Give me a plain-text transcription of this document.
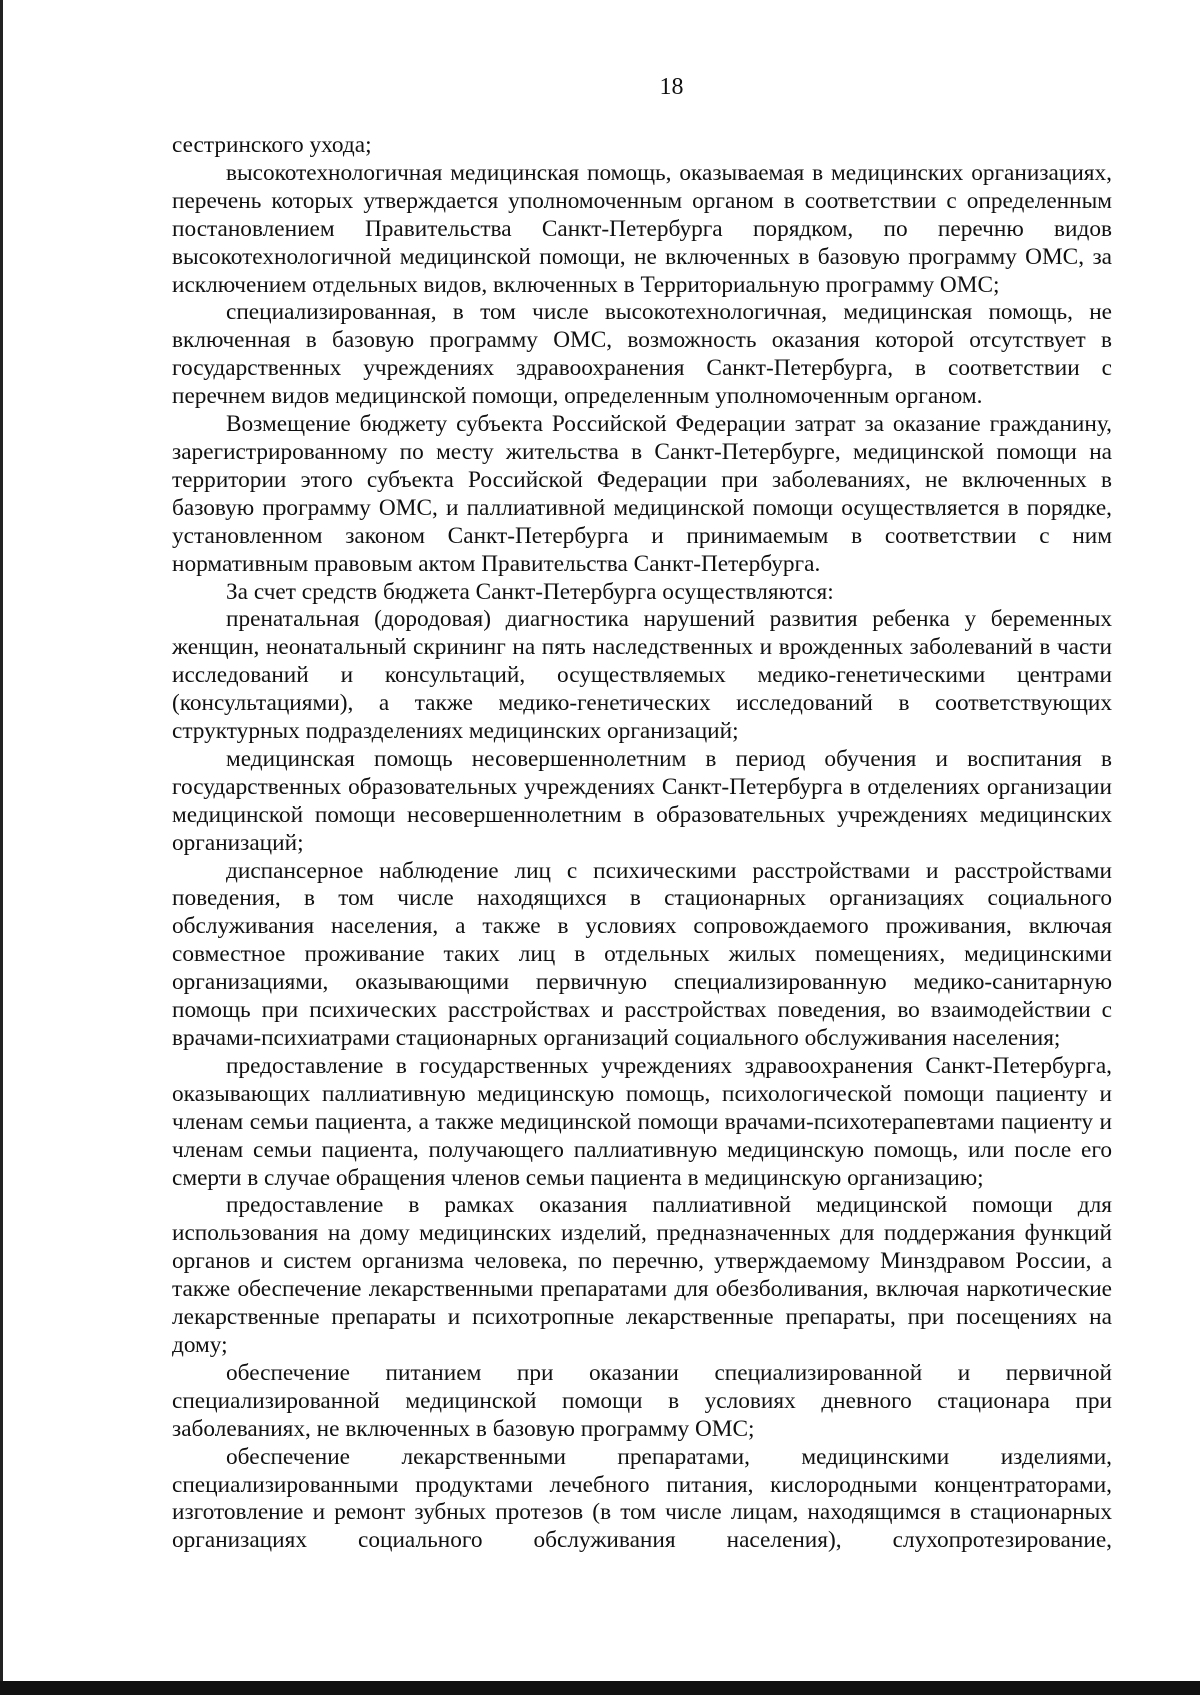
18

сестринского ухода;

высокотехнологичная медицинская помощь, оказываемая в медицинских организациях, перечень которых утверждается уполномоченным органом в соответствии с определенным постановлением Правительства Санкт-Петербурга порядком, по перечню видов высокотехнологичной медицинской помощи, не включенных в базовую программу ОМС, за исключением отдельных видов, включенных в Территориальную программу ОМС;

специализированная, в том числе высокотехнологичная, медицинская помощь, не включенная в базовую программу ОМС, возможность оказания которой отсутствует в государственных учреждениях здравоохранения Санкт-Петербурга, в соответствии с перечнем видов медицинской помощи, определенным уполномоченным органом.

Возмещение бюджету субъекта Российской Федерации затрат за оказание гражданину, зарегистрированному по месту жительства в Санкт-Петербурге, медицинской помощи на территории этого субъекта Российской Федерации при заболеваниях, не включенных в базовую программу ОМС, и паллиативной медицинской помощи осуществляется в порядке, установленном законом Санкт-Петербурга и принимаемым в соответствии с ним нормативным правовым актом Правительства Санкт-Петербурга.

За счет средств бюджета Санкт-Петербурга осуществляются:

пренатальная (дородовая) диагностика нарушений развития ребенка у беременных женщин, неонатальный скрининг на пять наследственных и врожденных заболеваний в части исследований и консультаций, осуществляемых медико-генетическими центрами (консультациями), а также медико-генетических исследований в соответствующих структурных подразделениях медицинских организаций;

медицинская помощь несовершеннолетним в период обучения и воспитания в государственных образовательных учреждениях Санкт-Петербурга в отделениях организации медицинской помощи несовершеннолетним в образовательных учреждениях медицинских организаций;

диспансерное наблюдение лиц с психическими расстройствами и расстройствами поведения, в том числе находящихся в стационарных организациях социального обслуживания населения, а также в условиях сопровождаемого проживания, включая совместное проживание таких лиц в отдельных жилых помещениях, медицинскими организациями, оказывающими первичную специализированную медико-санитарную помощь при психических расстройствах и расстройствах поведения, во взаимодействии с врачами-психиатрами стационарных организаций социального обслуживания населения;

предоставление в государственных учреждениях здравоохранения Санкт-Петербурга, оказывающих паллиативную медицинскую помощь, психологической помощи пациенту и членам семьи пациента, а также медицинской помощи врачами-психотерапевтами пациенту и членам семьи пациента, получающего паллиативную медицинскую помощь, или после его смерти в случае обращения членов семьи пациента в медицинскую организацию;

предоставление в рамках оказания паллиативной медицинской помощи для использования на дому медицинских изделий, предназначенных для поддержания функций органов и систем организма человека, по перечню, утверждаемому Минздравом России, а также обеспечение лекарственными препаратами для обезболивания, включая наркотические лекарственные препараты и психотропные лекарственные препараты, при посещениях на дому;

обеспечение питанием при оказании специализированной и первичной специализированной медицинской помощи в условиях дневного стационара при заболеваниях, не включенных в базовую программу ОМС;

обеспечение лекарственными препаратами, медицинскими изделиями, специализированными продуктами лечебного питания, кислородными концентраторами, изготовление и ремонт зубных протезов (в том числе лицам, находящимся в стационарных организациях социального обслуживания населения), слухопротезирование,
